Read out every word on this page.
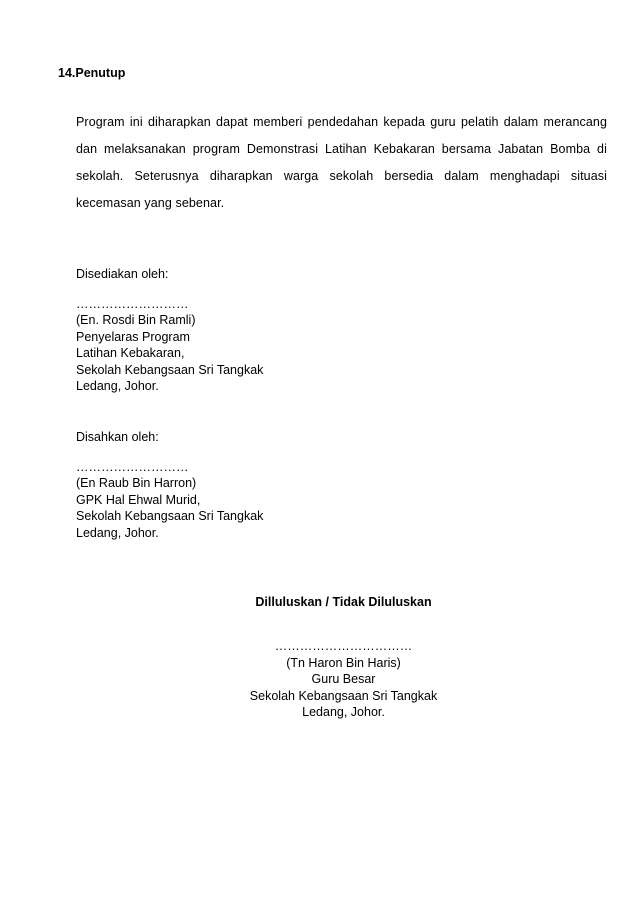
14.Penutup
Program ini diharapkan dapat memberi pendedahan kepada guru pelatih dalam merancang dan melaksanakan program Demonstrasi Latihan Kebakaran bersama Jabatan Bomba di sekolah. Seterusnya diharapkan warga sekolah bersedia dalam menghadapi situasi kecemasan yang sebenar.
Disediakan oleh:
………………………
(En. Rosdi Bin Ramli)
Penyelaras Program
Latihan Kebakaran,
Sekolah Kebangsaan Sri Tangkak
Ledang, Johor.
Disahkan oleh:
………………………
(En Raub Bin Harron)
GPK Hal Ehwal Murid,
Sekolah Kebangsaan Sri Tangkak
Ledang, Johor.
Dilluluskan / Tidak Diluluskan
……………………………
(Tn Haron Bin Haris)
Guru Besar
Sekolah Kebangsaan Sri Tangkak
Ledang, Johor.
